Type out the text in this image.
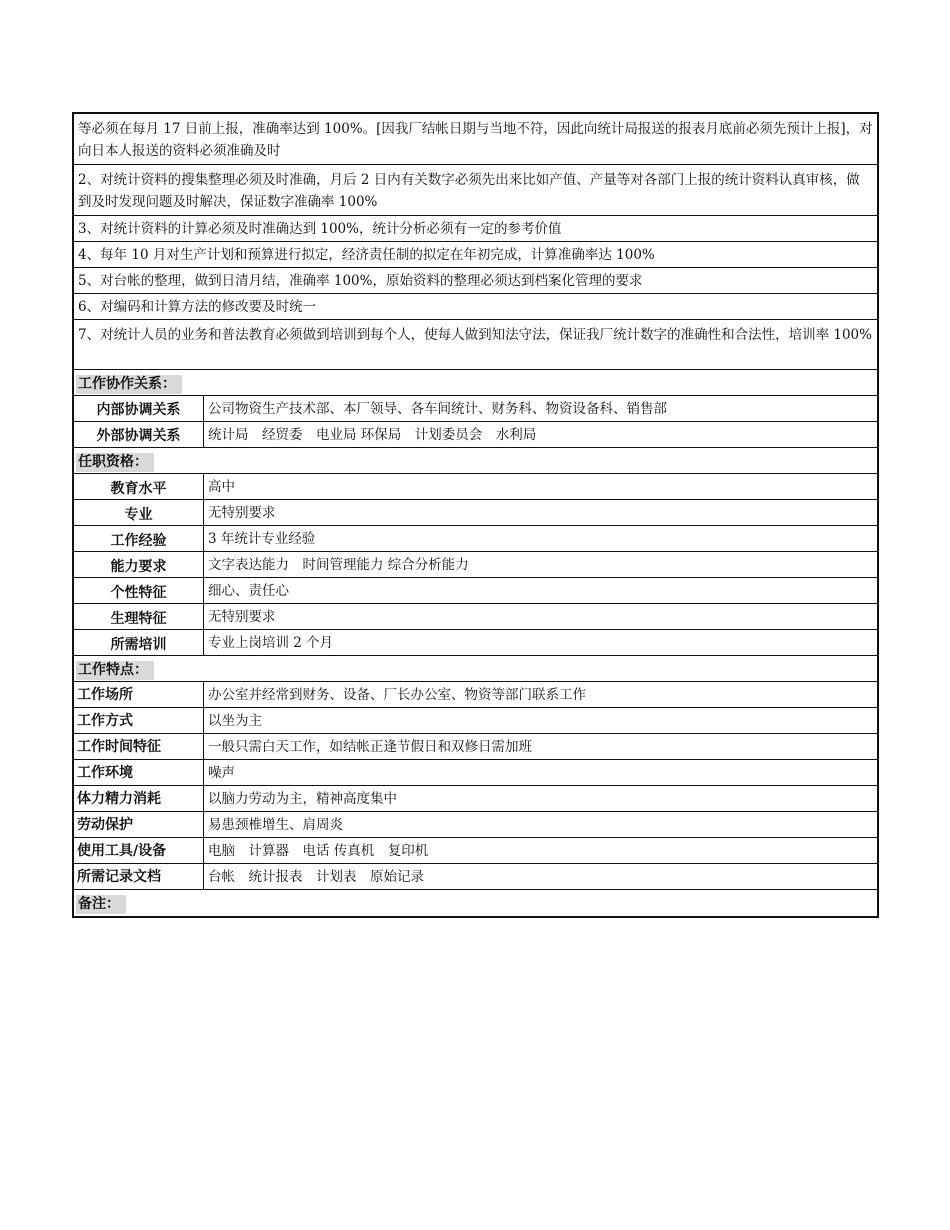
等必须在每月 17 日前上报，准确率达到 100%。[因我厂结帐日期与当地不符，因此向统计局报送的报表月底前必须先预计上报]，对向日本人报送的资料必须准确及时
2、对统计资料的搜集整理必须及时准确，月后 2 日内有关数字必须先出来比如产值、产量等对各部门上报的统计资料认真审核，做到及时发现问题及时解决，保证数字准确率 100%
3、对统计资料的计算必须及时准确达到 100%，统计分析必须有一定的参考价值
4、每年 10 月对生产计划和预算进行拟定，经济责任制的拟定在年初完成，计算准确率达 100%
5、对台帐的整理，做到日清月结，准确率 100%，原始资料的整理必须达到档案化管理的要求
6、对编码和计算方法的修改要及时统一
7、对统计人员的业务和普法教育必须做到培训到每个人，使每人做到知法守法，保证我厂统计数字的准确性和合法性，培训率 100%
工作协作关系：
内部协调关系	公司物资生产技术部、本厂领导、各车间统计、财务科、物资设备科、销售部
外部协调关系	统计局　经贸委　电业局 环保局　计划委员会　水利局
任职资格：
教育水平	高中
专业	无特别要求
工作经验	3 年统计专业经验
能力要求	文字表达能力　时间管理能力 综合分析能力
个性特征	细心、责任心
生理特征	无特别要求
所需培训	专业上岗培训 2 个月
工作特点：
工作场所	办公室并经常到财务、设备、厂长办公室、物资等部门联系工作
工作方式	以坐为主
工作时间特征	一般只需白天工作，如结帐正逢节假日和双修日需加班
工作环境	噪声
体力精力消耗	以脑力劳动为主，精神高度集中
劳动保护	易患颈椎增生、肩周炎
使用工具/设备	电脑　计算器　电话 传真机　复印机
所需记录文档	台帐　统计报表　计划表　原始记录
备注：
